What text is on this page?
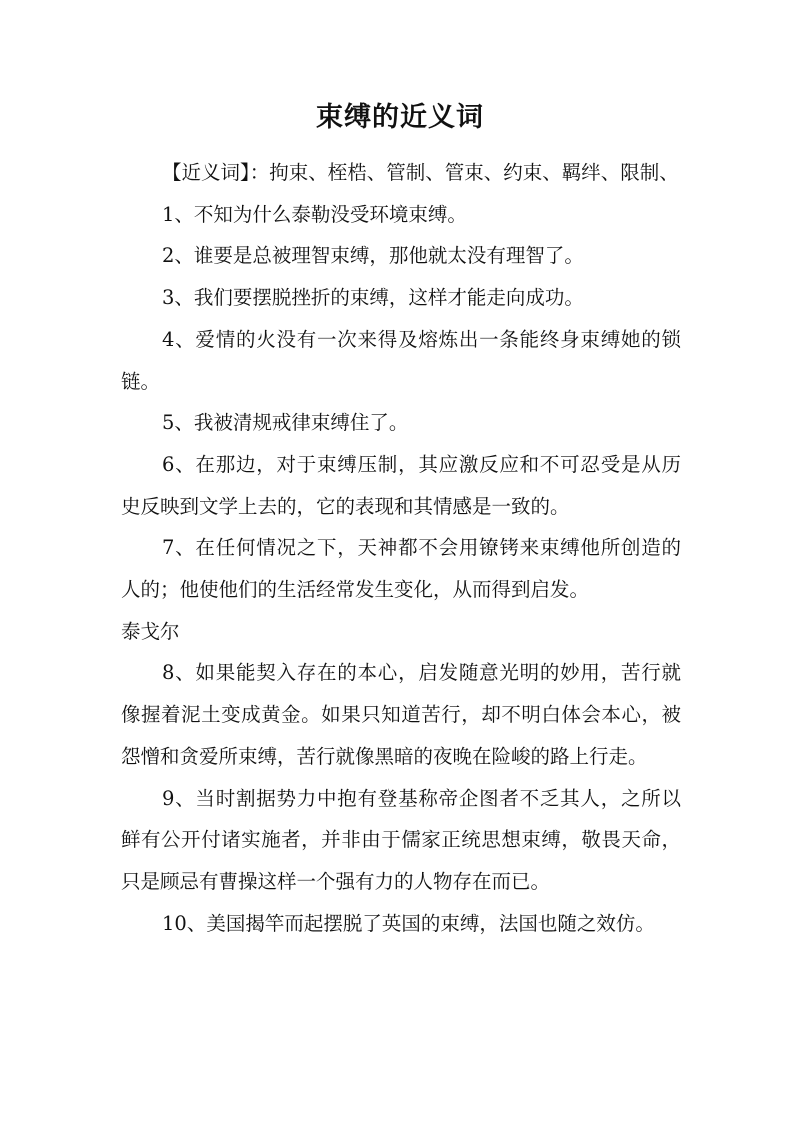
束缚的近义词

【近义词】：拘束、桎梏、管制、管束、约束、羁绊、限制、

1、不知为什么泰勒没受环境束缚。

2、谁要是总被理智束缚，那他就太没有理智了。

3、我们要摆脱挫折的束缚，这样才能走向成功。

4、爱情的火没有一次来得及熔炼出一条能终身束缚她的锁链。

5、我被清规戒律束缚住了。

6、在那边，对于束缚压制，其应激反应和不可忍受是从历史反映到文学上去的，它的表现和其情感是一致的。

7、在任何情况之下，天神都不会用镣铐来束缚他所创造的人的；他使他们的生活经常发生变化，从而得到启发。

泰戈尔

8、如果能契入存在的本心，启发随意光明的妙用，苦行就像握着泥土变成黄金。如果只知道苦行，却不明白体会本心，被怨憎和贪爱所束缚，苦行就像黑暗的夜晚在险峻的路上行走。

9、当时割据势力中抱有登基称帝企图者不乏其人，之所以鲜有公开付诸实施者，并非由于儒家正统思想束缚，敬畏天命，只是顾忌有曹操这样一个强有力的人物存在而已。

10、美国揭竿而起摆脱了英国的束缚，法国也随之效仿。
